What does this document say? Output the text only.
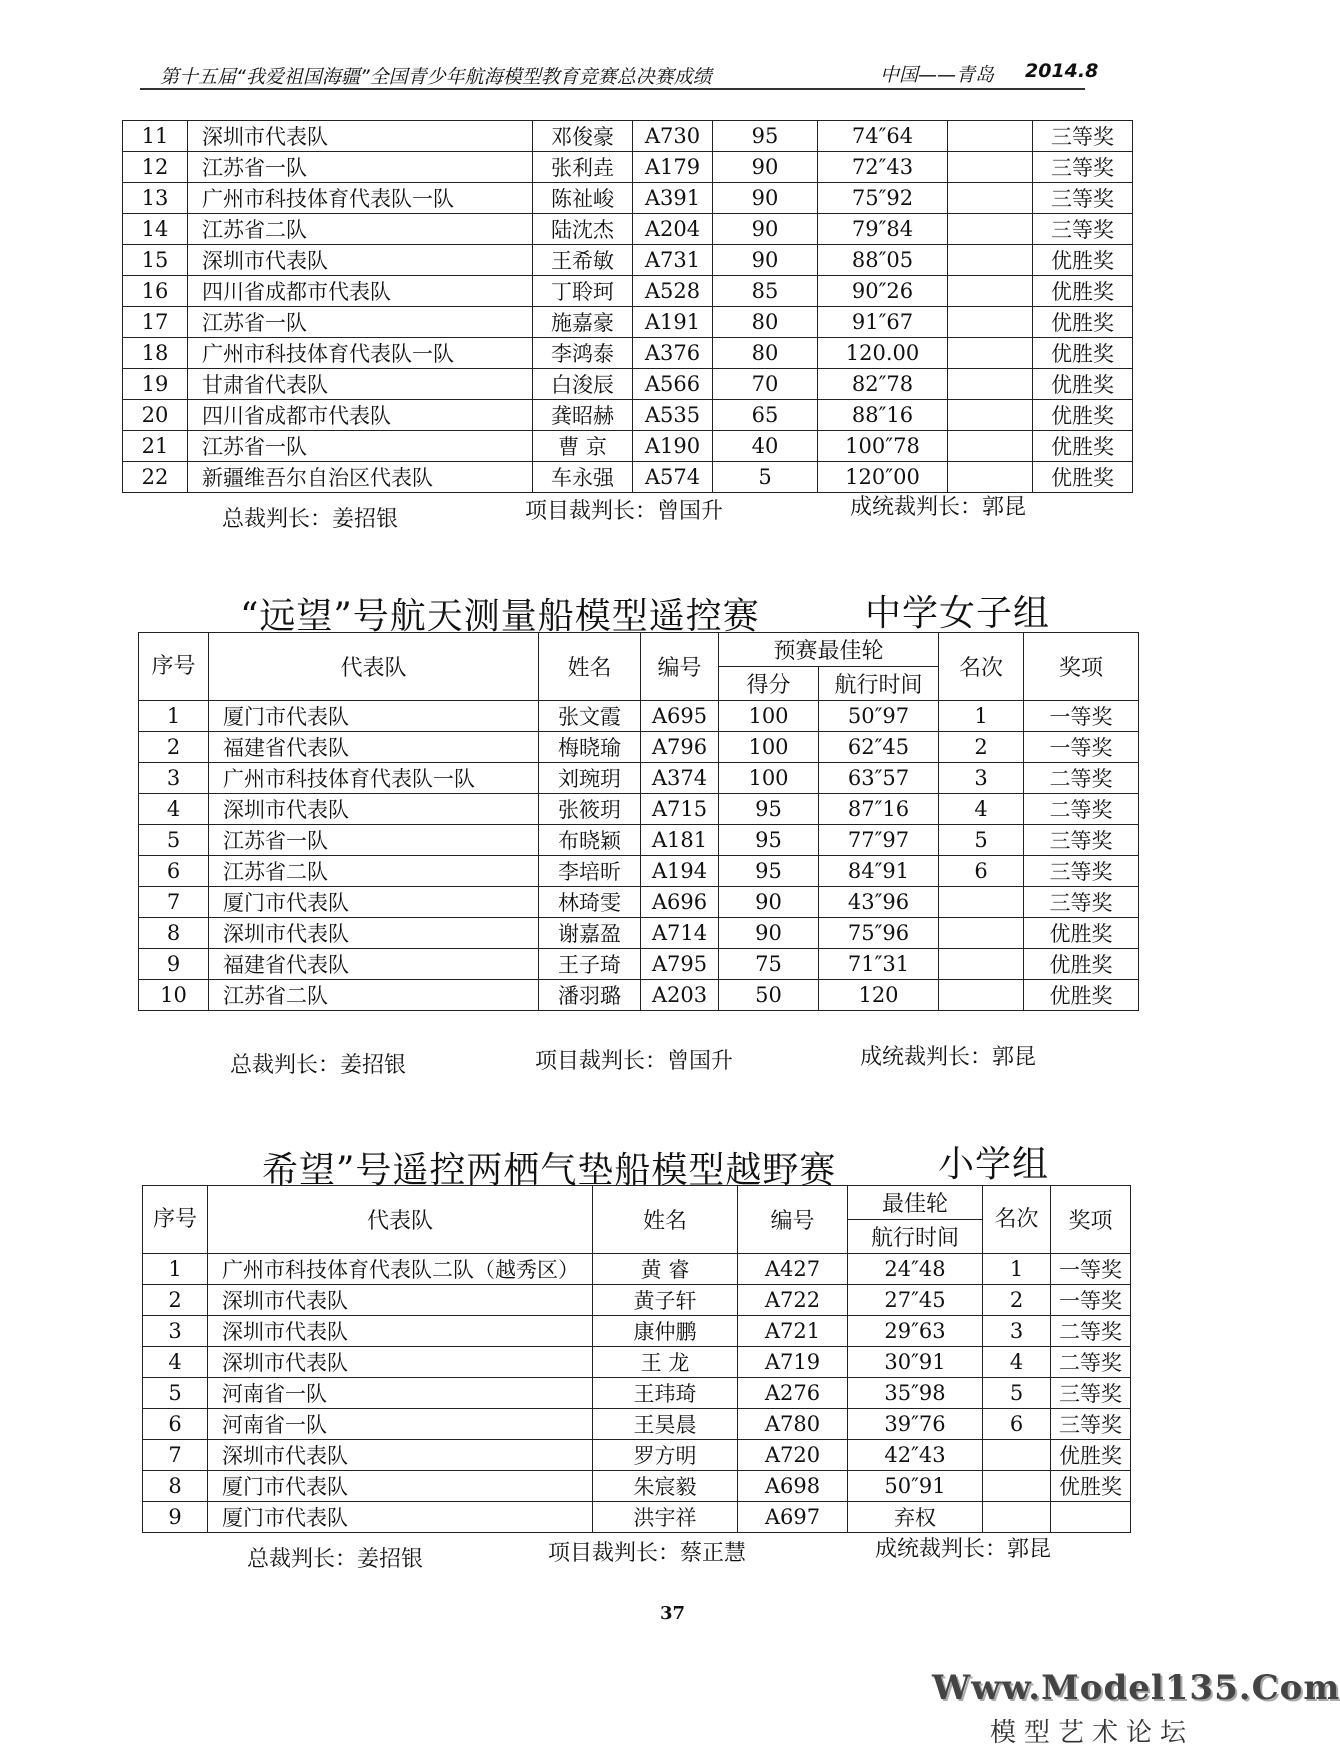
第十五届“我爱祖国海疆”全国青少年航海模型教育竞赛总决赛成绩	中国——青岛 2014.8
11	深圳市代表队	邓俊豪	A730	95	74″64		三等奖
12	江苏省一队	张利垚	A179	90	72″43		三等奖
13	广州市科技体育代表队一队	陈祉峻	A391	90	75″92		三等奖
14	江苏省二队	陆沈杰	A204	90	79″84		三等奖
15	深圳市代表队	王希敏	A731	90	88″05		优胜奖
16	四川省成都市代表队	丁聆珂	A528	85	90″26		优胜奖
17	江苏省一队	施嘉豪	A191	80	91″67		优胜奖
18	广州市科技体育代表队一队	李鸿泰	A376	80	120.00		优胜奖
19	甘肃省代表队	白浚辰	A566	70	82″78		优胜奖
20	四川省成都市代表队	龚昭赫	A535	65	88″16		优胜奖
21	江苏省一队	曹 京	A190	40	100″78		优胜奖
22	新疆维吾尔自治区代表队	车永强	A574	5	120″00		优胜奖
总裁判长：姜招银	项目裁判长：曾国升	成统裁判长：郭昆
“远望”号航天测量船模型遥控赛	中学女子组
序号	代表队	姓名	编号	预赛最佳轮		名次	奖项
				得分	航行时间		
1	厦门市代表队	张文霞	A695	100	50″97	1	一等奖
2	福建省代表队	梅晓瑜	A796	100	62″45	2	一等奖
3	广州市科技体育代表队一队	刘琬玥	A374	100	63″57	3	二等奖
4	深圳市代表队	张筱玥	A715	95	87″16	4	二等奖
5	江苏省一队	布晓颖	A181	95	77″97	5	三等奖
6	江苏省二队	李培昕	A194	95	84″91	6	三等奖
7	厦门市代表队	林琦雯	A696	90	43″96		三等奖
8	深圳市代表队	谢嘉盈	A714	90	75″96		优胜奖
9	福建省代表队	王子琦	A795	75	71″31		优胜奖
10	江苏省二队	潘羽璐	A203	50	120		优胜奖
总裁判长：姜招银	项目裁判长：曾国升	成统裁判长：郭昆
希望”号遥控两栖气垫船模型越野赛	小学组
序号	代表队	姓名	编号	最佳轮	名次	奖项
				航行时间		
1	广州市科技体育代表队二队（越秀区）	黄 睿	A427	24″48	1	一等奖
2	深圳市代表队	黄子轩	A722	27″45	2	一等奖
3	深圳市代表队	康仲鹏	A721	29″63	3	二等奖
4	深圳市代表队	王 龙	A719	30″91	4	二等奖
5	河南省一队	王玮琦	A276	35″98	5	三等奖
6	河南省一队	王昊晨	A780	39″76	6	三等奖
7	深圳市代表队	罗方明	A720	42″43		优胜奖
8	厦门市代表队	朱宸毅	A698	50″91		优胜奖
9	厦门市代表队	洪宇祥	A697	弃权		
总裁判长：姜招银	项目裁判长：蔡正慧	成统裁判长：郭昆
37
Www.Model135.Com
模型艺术论坛
